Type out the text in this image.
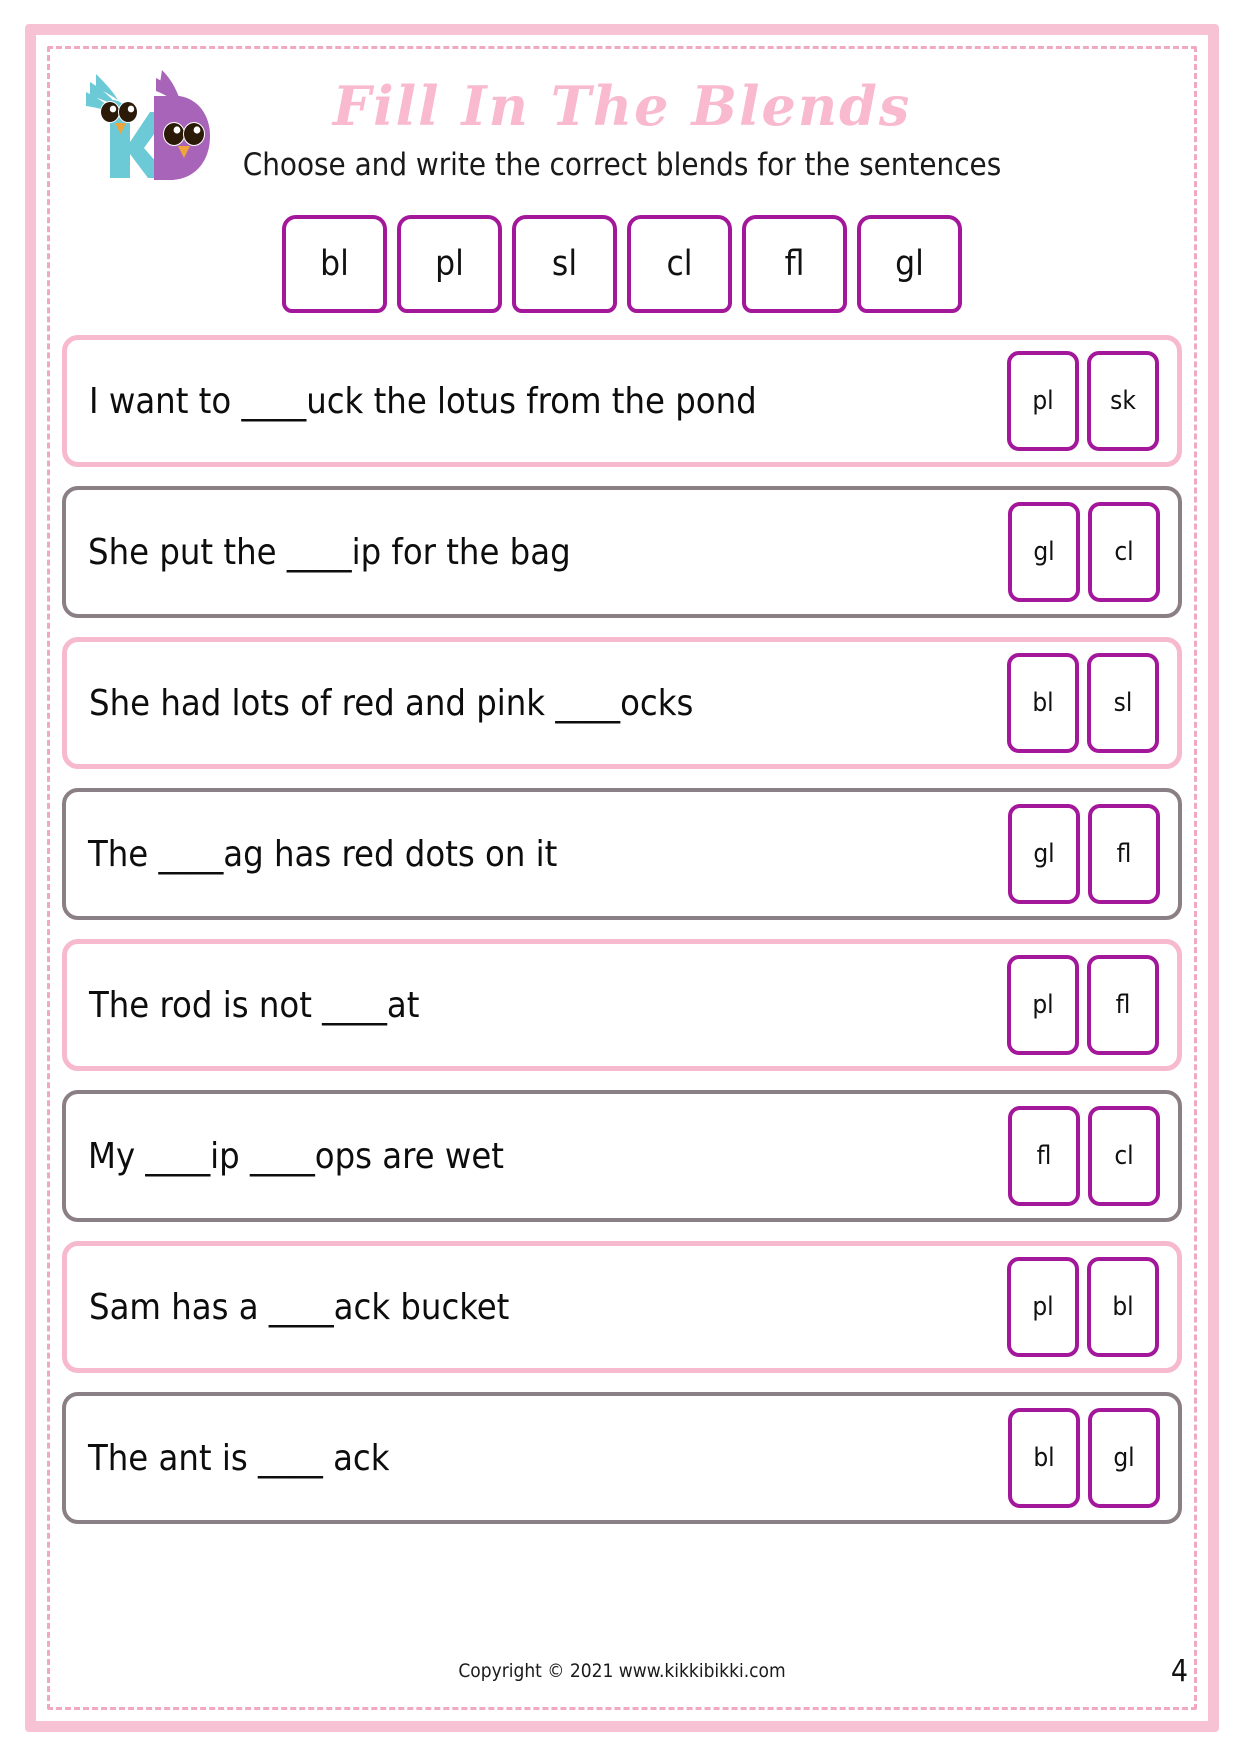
Fill In The Blends
Choose and write the correct blends for the sentences
bl	pl	sl	cl	fl	gl
I want to ____uck the lotus from the pond	pl	sk
She put the ____ip for the bag	gl	cl
She had lots of red and pink ____ocks	bl	sl
The ____ag has red dots on it	gl	fl
The rod is not ____at	pl	fl
My ____ip ____ops are wet	fl	cl
Sam has a ____ack bucket	pl	bl
The ant is ____ ack	bl	gl
Copyright © 2021 www.kikkibikki.com	4
